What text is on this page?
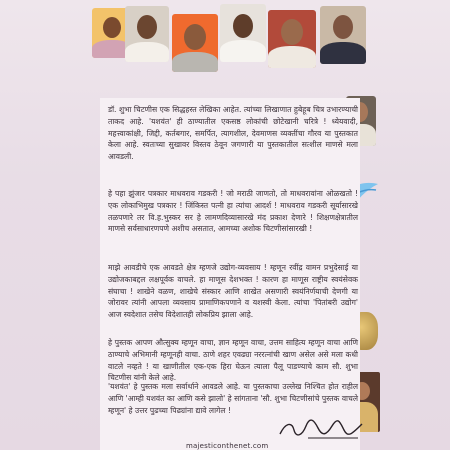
डॉ. शुभा चिटणीस एक सिद्धहस्त लेखिका आहेत. त्यांच्या लिखाणात हुबेहूब चित्र उभारण्याची ताकद आहे. 'यशवंत' ही ठाण्यातील एकसष्ठ लोकांची छोटेखानी चरित्रे ! ध्येयवादी, महत्त्वाकांक्षी, जिद्दी, कर्तबगार, समर्पित, त्यागशील, देवमाणस व्यक्तींचा गौरव या पुस्तकात केला आहे. स्वतःच्या सुखावर विस्तव ठेवून जगणारी या पुस्तकातील सत्शील माणसे मला आवडली.

हे पहा झुंजार पत्रकार माधवराव गडकरी ! जो मराठी जाणतो, तो माधवरावांना ओळखतो ! एक लोकाभिमुख पत्रकार ! जिंकिस्त पत्नी हा त्यांचा आदर्श ! माधवराव गडकरी सूर्यासारखे तळपणारे तर वि.ह.भुस्कर सर हे लामणदिव्यासारखे मंद प्रकाश देणारे ! शिक्षणक्षेत्रातील माणसे सर्वसाधारणपणे अशीच असतात, आमच्या अशोक चिटणीसांसारखी !

माझे आवडीचे एक आवडते क्षेत्र म्हणजे उद्योग-व्यवसाय ! म्हणून रवींद्र वामन प्रभुदेसाई या उद्योजकाबद्दल लक्षपूर्वक वाचले. हा माणूस देशभक्त ! कारण हा माणूस राष्ट्रीय स्वयंसेवक संघाचा ! शाखेने वळण, शाखेचे संस्कार आणि शाखेत असणारी स्वयंनिर्णयाची देणगी या जोरावर त्यांनी आपला व्यवसाय प्रामाणिकपणाने व यशस्वी केला. त्यांचा 'पितांबरी उद्योग' आज स्वदेशात तसेच विदेशातही लोकप्रिय झाला आहे.

हे पुस्तक आपण औत्सुक्य म्हणून वाचा, ज्ञान म्हणून वाचा, उत्तम साहित्य म्हणून वाचा आणि ठाण्याचे अभिमानी म्हणूनही वाचा. ठाणे शहर एवढ्या नररत्नांची खाण असेल असे मला कधी वाटले नव्हते ! या खाणीतील एक-एक हिरा घेऊन त्याला पैलू पाडण्याचे काम सौ. शुभा चिटणीस यांनी केले आहे.

'यशवंत' हे पुस्तक मला सर्वार्थाने आवडले आहे. या पुस्तकाचा उल्लेख निश्चित होत राहील आणि 'आम्ही यशवंत का आणि कसे झालो' हे सांगताना 'सौ. शुभा चिटणीसांचे पुस्तक वाचले म्हणून' हे उत्तर पुढच्या पिढ्यांना द्यावे लागेल !

majesticonthenet.com
